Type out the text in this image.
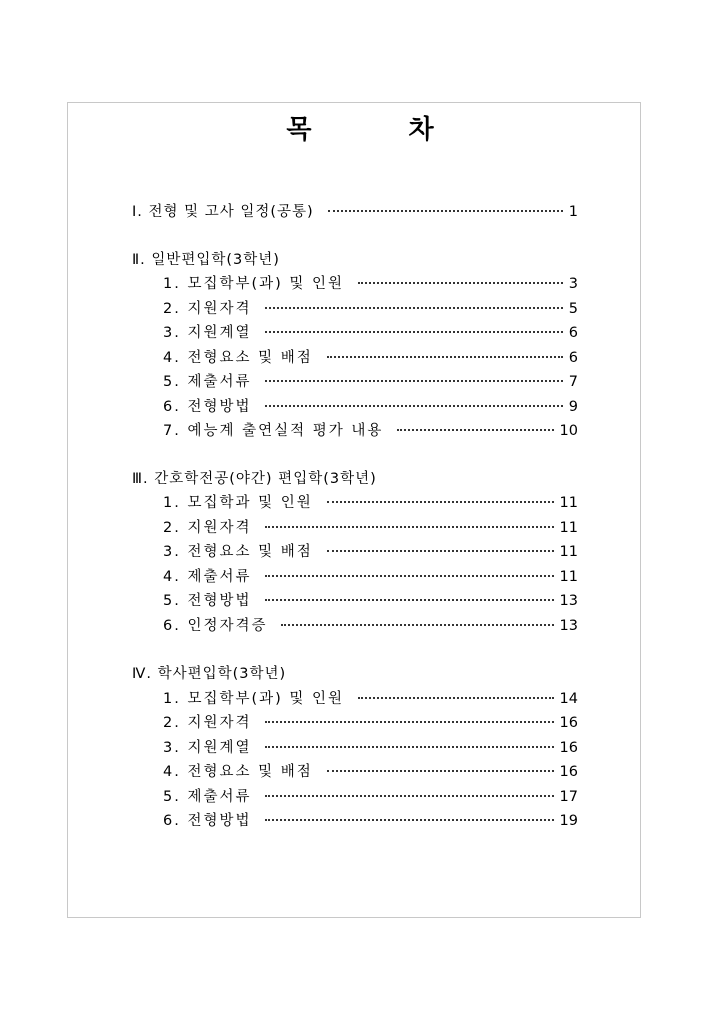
목 차
Ⅰ. 전형 및 고사 일정(공통)	1
Ⅱ. 일반편입학(3학년)
1. 모집학부(과) 및 인원	3
2. 지원자격	5
3. 지원계열	6
4. 전형요소 및 배점	6
5. 제출서류	7
6. 전형방법	9
7. 예능계 출연실적 평가 내용	10
Ⅲ. 간호학전공(야간) 편입학(3학년)
1. 모집학과 및 인원	11
2. 지원자격	11
3. 전형요소 및 배점	11
4. 제출서류	11
5. 전형방법	13
6. 인정자격증	13
Ⅳ. 학사편입학(3학년)
1. 모집학부(과) 및 인원	14
2. 지원자격	16
3. 지원계열	16
4. 전형요소 및 배점	16
5. 제출서류	17
6. 전형방법	19
